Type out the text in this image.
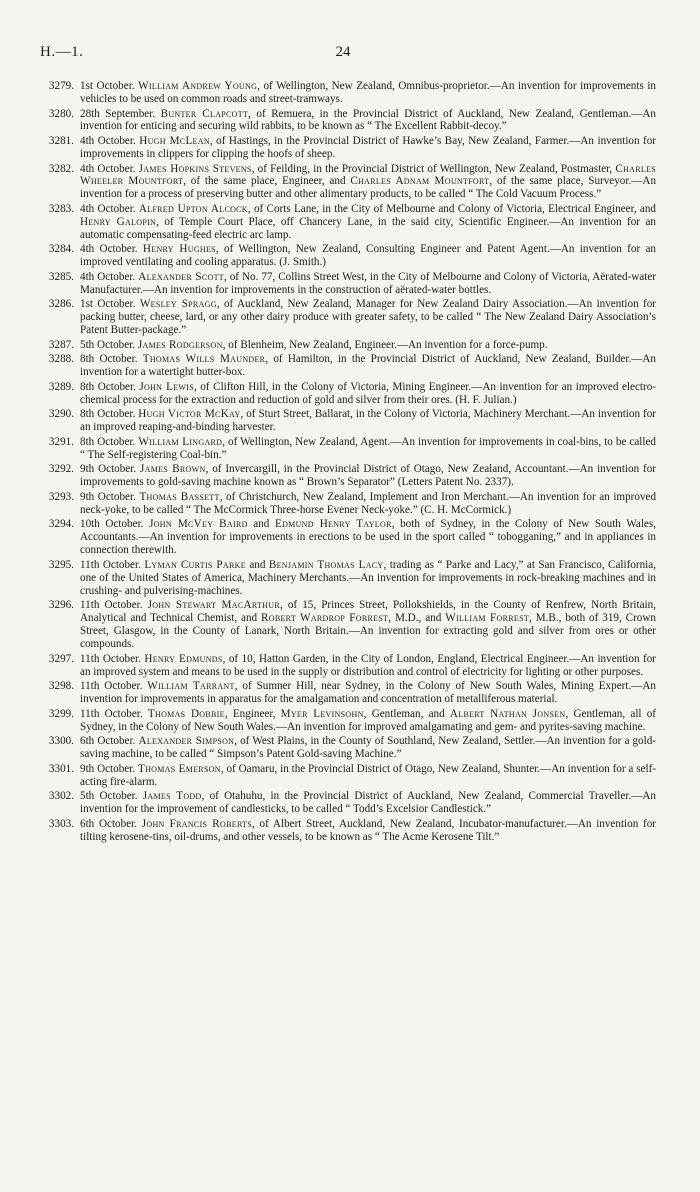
H.—1.	24
3279. 1st October. William Andrew Young, of Wellington, New Zealand, Omnibus-proprietor.—An invention for improvements in vehicles to be used on common roads and street-tramways.
3280. 28th September. Bunter Clapcott, of Remuera, in the Provincial District of Auckland, New Zealand, Gentleman.—An invention for enticing and securing wild rabbits, to be known as “ The Excellent Rabbit-decoy.”
3281. 4th October. Hugh McLean, of Hastings, in the Provincial District of Hawke’s Bay, New Zealand, Farmer.—An invention for improvements in clippers for clipping the hoofs of sheep.
3282. 4th October. James Hopkins Stevens, of Feilding, in the Provincial District of Wellington, New Zealand, Postmaster, Charles Wheeler Mountfort, of the same place, Engineer, and Charles Adnam Mountfort, of the same place, Surveyor.—An invention for a process of preserving butter and other alimentary products, to be called “ The Cold Vacuum Process.”
3283. 4th October. Alfred Upton Alcock, of Corts Lane, in the City of Melbourne and Colony of Victoria, Electrical Engineer, and Henry Galopin, of Temple Court Place, off Chancery Lane, in the said city, Scientific Engineer.—An invention for an automatic compensating-feed electric arc lamp.
3284. 4th October. Henry Hughes, of Wellington, New Zealand, Consulting Engineer and Patent Agent.—An invention for an improved ventilating and cooling apparatus. (J. Smith.)
3285. 4th October. Alexander Scott, of No. 77, Collins Street West, in the City of Melbourne and Colony of Victoria, Aërated-water Manufacturer.—An invention for improvements in the construction of aërated-water bottles.
3286. 1st October. Wesley Spragg, of Auckland, New Zealand, Manager for New Zealand Dairy Association.—An invention for packing butter, cheese, lard, or any other dairy produce with greater safety, to be called “ The New Zealand Dairy Association’s Patent Butter-package.”
3287. 5th October. James Rodgerson, of Blenheim, New Zealand, Engineer.—An invention for a force-pump.
3288. 8th October. Thomas Wills Maunder, of Hamilton, in the Provincial District of Auckland, New Zealand, Builder.—An invention for a watertight butter-box.
3289. 8th October. John Lewis, of Clifton Hill, in the Colony of Victoria, Mining Engineer.—An invention for an improved electro-chemical process for the extraction and reduction of gold and silver from their ores. (H. F. Julian.)
3290. 8th October. Hugh Victor McKay, of Sturt Street, Ballarat, in the Colony of Victoria, Machinery Merchant.—An invention for an improved reaping-and-binding harvester.
3291. 8th October. William Lingard, of Wellington, New Zealand, Agent.—An invention for improvements in coal-bins, to be called “ The Self-registering Coal-bin.”
3292. 9th October. James Brown, of Invercargill, in the Provincial District of Otago, New Zealand, Accountant.—An invention for improvements to gold-saving machine known as “ Brown’s Separator” (Letters Patent No. 2337).
3293. 9th October. Thomas Bassett, of Christchurch, New Zealand, Implement and Iron Merchant.—An invention for an improved neck-yoke, to be called “ The McCormick Three-horse Evener Neck-yoke.” (C. H. McCormick.)
3294. 10th October. John McVey Baird and Edmund Henry Taylor, both of Sydney, in the Colony of New South Wales, Accountants.—An invention for improvements in erections to be used in the sport called “ tobogganing,” and in appliances in connection therewith.
3295. 11th October. Lyman Curtis Parke and Benjamin Thomas Lacy, trading as “ Parke and Lacy,” at San Francisco, California, one of the United States of America, Machinery Merchants.—An invention for improvements in rock-breaking machines and in crushing- and pulverising-machines.
3296. 11th October. John Stewart MacArthur, of 15, Princes Street, Pollokshields, in the County of Renfrew, North Britain, Analytical and Technical Chemist, and Robert Wardrop Forrest, M.D., and William Forrest, M.B., both of 319, Crown Street, Glasgow, in the County of Lanark, North Britain.—An invention for extracting gold and silver from ores or other compounds.
3297. 11th October. Henry Edmunds, of 10, Hatton Garden, in the City of London, England, Electrical Engineer.—An invention for an improved system and means to be used in the supply or distribution and control of electricity for lighting or other purposes.
3298. 11th October. William Tarrant, of Sumner Hill, near Sydney, in the Colony of New South Wales, Mining Expert.—An invention for improvements in apparatus for the amalgamation and concentration of metalliferous material.
3299. 11th October. Thomas Dobbie, Engineer, Myer Levinsohn, Gentleman, and Albert Nathan Jonsen, Gentleman, all of Sydney, in the Colony of New South Wales.—An invention for improved amalgamating and gem- and pyrites-saving machine.
3300. 6th October. Alexander Simpson, of West Plains, in the County of Southland, New Zealand, Settler.—An invention for a gold-saving machine, to be called “ Simpson’s Patent Gold-saving Machine.”
3301. 9th October. Thomas Emerson, of Oamaru, in the Provincial District of Otago, New Zealand, Shunter.—An invention for a self-acting fire-alarm.
3302. 5th October. James Todd, of Otahuhu, in the Provincial District of Auckland, New Zealand, Commercial Traveller.—An invention for the improvement of candlesticks, to be called “ Todd’s Excelsior Candlestick.”
3303. 6th October. John Francis Roberts, of Albert Street, Auckland, New Zealand, Incubator-manufacturer.—An invention for tilting kerosene-tins, oil-drums, and other vessels, to be known as “ The Acme Kerosene Tilt.”
